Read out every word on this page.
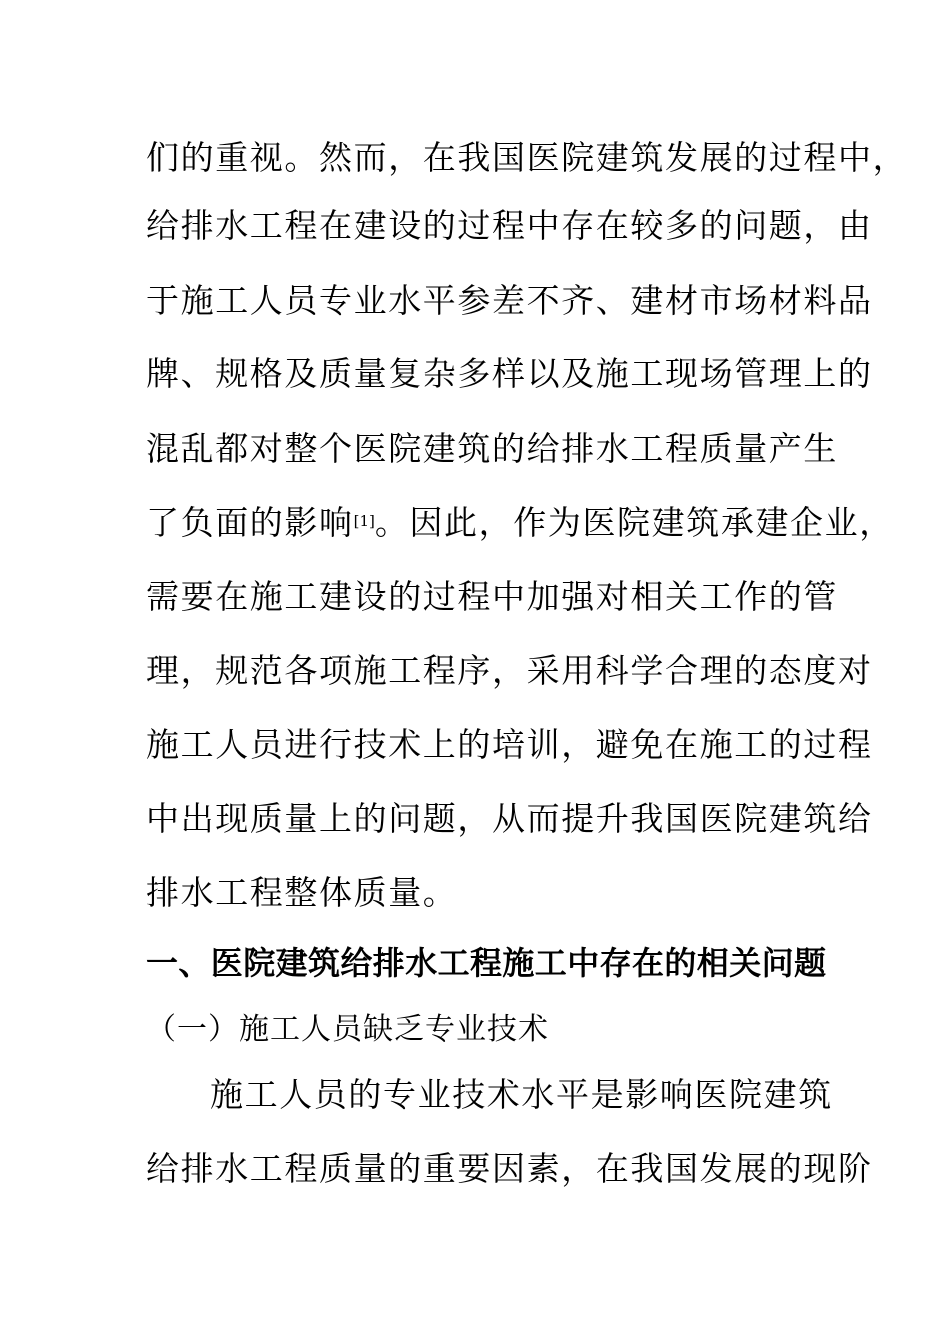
们的重视。然而，在我国医院建筑发展的过程中，
给排水工程在建设的过程中存在较多的问题，由
于施工人员专业水平参差不齐、建材市场材料品
牌、规格及质量复杂多样以及施工现场管理上的
混乱都对整个医院建筑的给排水工程质量产生
了负面的影响[1]。因此，作为医院建筑承建企业，
需要在施工建设的过程中加强对相关工作的管
理，规范各项施工程序，采用科学合理的态度对
施工人员进行技术上的培训，避免在施工的过程
中出现质量上的问题，从而提升我国医院建筑给
排水工程整体质量。
一、医院建筑给排水工程施工中存在的相关问题
（一）施工人员缺乏专业技术
施工人员的专业技术水平是影响医院建筑
给排水工程质量的重要因素，在我国发展的现阶
